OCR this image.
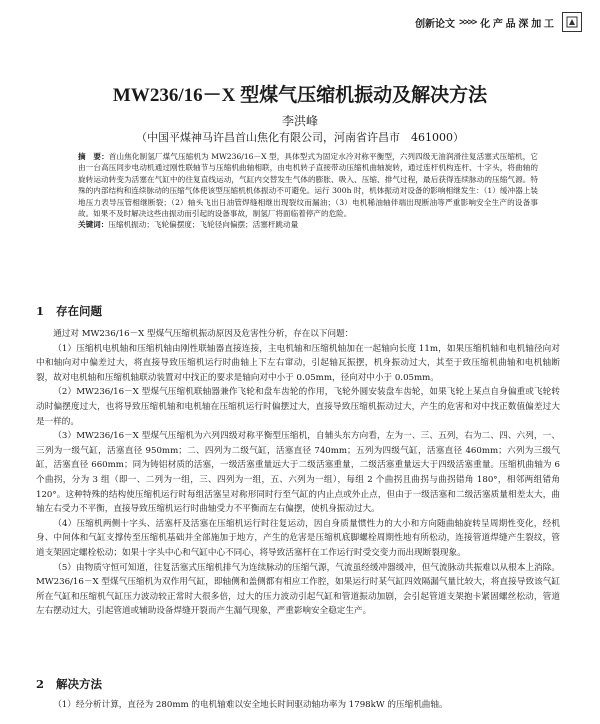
创新论文 >>>> 化 产 品 深 加 工
MW236/16－X 型煤气压缩机振动及解决方法
李洪峰
（中国平煤神马许昌首山焦化有限公司，河南省许昌市　461000）
摘　要：首山焦化制氢厂煤气压缩机为 MW236/16－X 型，具体型式为固定水冷对称平衡型，六列四级无油润滑往复活塞式压缩机，它由一台高压同步电动机通过刚性联轴节与压缩机曲轴相联，由电机转子直接带动压缩机曲轴旋转，通过连杆机构连杆、十字头，将曲轴的旋转运动转变为活塞在气缸中的往复直线运动，气缸内交替发生气体的膨胀、吸入、压缩、排气过程，最后获得连续脉动的压缩气源。特殊的内部结构和连续脉动的压缩气体使该型压缩机机体振动不可避免。运行 300h 时，机体振动对设备的影响相继发生：（1）缓冲器上装地压力表导压管相继断裂；（2）轴头飞出日油管焊缝相继出现裂纹而漏油；（3）电机稀油轴伴端出现断油等严重影响安全生产的设备事故。如果不及时解决这些由振动而引起的设备事故，制氢厂将面临着停产的危险。
关键词：压缩机振动；飞轮偏摆度；飞轮径向偏摆；活塞杆跳动量
1 存在问题

通过对 MW236/16－X 型煤气压缩机振动原因及危害性分析，存在以下问题：

（1）压缩机电机轴和压缩机轴由刚性联轴器直接连接，主电机轴和压缩机轴加在一起轴向长度 11m，如果压缩机轴和电机轴径向对中和轴向对中偏差过大，将直接导致压缩机运行时曲轴上下左右窜动，引起轴瓦振摆，机身振动过大，其至于致压缩机曲轴和电机轴断裂，故对电机轴和压缩机轴联动装置对中找正的要求是轴向对中小于 0.05mm，径向对中小于 0.05mm。

（2）MW236/16－X 型煤气压缩机联轴器兼作飞轮和盘车齿轮的作用，飞轮外圆安装盘车齿轮，如果飞轮上某点自身偏重或飞轮转动时偏摆度过大，也将导致压缩机轴和电机轴在压缩机运行时偏摆过大，直接导致压缩机振动过大，产生的危害和对中找正数值偏差过大是一样的。

（3）MW236/16－X 型煤气压缩机为六列四级对称平衡型压缩机，自辅头东方向看，左为一、三、五列，右为二、四、六列，一、三列为一级气缸，活塞直径 950mm；二、四列为二级气缸，活塞直径 740mm；五列为四级气缸，活塞直径 460mm；六列为三级气缸，活塞直径 660mm；同为铸铝材质的活塞，一级活塞重量远大于二级活塞重量，二级活塞重量远大于四级活塞重量。压缩机曲轴为 6 个曲拐，分为 3 组（即一、二列为一组，三、四列为一组，五、六列为一组），每组 2 个曲拐且曲拐与曲拐错角 180°，相邻两组错角 120°。这种特殊的结构使压缩机运行时每组活塞呈对称形同时行至气缸的内止点或外止点，但由于一级活塞和二级活塞质量相差太大，曲轴左右受力不平衡，直接导致压缩机运行时曲轴受力不平衡而左右偏摆，使机身振动过大。

（4）压缩机两侧十字头、活塞杆及活塞在压缩机运行时往复运动，因自身质量惯性力的大小和方向随曲轴旋转呈周期性变化，经机身、中间体和气缸支撑传至压缩机基础并全部施加于地方，产生的危害是压缩机底脚螺栓周期性地有所松动，连接管道焊缝产生裂纹，管道支架固定螺栓松动；如果十字头中心和气缸中心不同心，将导致活塞杆在工作运行时受交变力而出现断裂现象。

（5）由物质守恒可知道，往复活塞式压缩机排气为连续脉动的压缩气源，气流虽经缓冲器缓冲，但气流脉动共振难以从根本上消除。MW236/16－X 型煤气压缩机为双作用气缸，即轴侧和盖侧都有相应工作腔，如果运行时某气缸四效隔漏气量比较大，将直接导致该气缸所在气缸和压缩机气缸压力波动较正常时大很多倍，过大的压力波动引起气缸和管道振动加剧，会引起管道支架抱卡紧固螺丝松动，管道左右摆动过大，引起管道或辅助设备焊缝开裂而产生漏气现象，严重影响安全稳定生产。

2 解决方法

（1）经分析计算，直径为 280mm 的电机轴难以安全地长时间驱动轴功率为 1798kW 的压缩机曲轴。
